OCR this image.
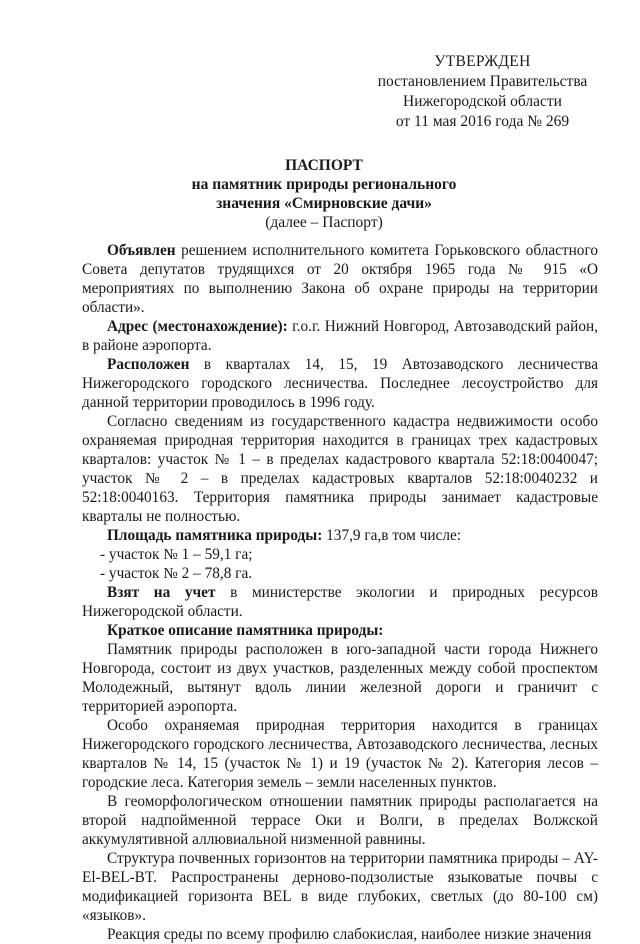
УТВЕРЖДЕН
постановлением Правительства
Нижегородской области
от 11 мая 2016 года № 269
ПАСПОРТ
на памятник природы регионального
значения «Смирновские дачи»
(далее – Паспорт)

Объявлен решением исполнительного комитета Горьковского областного Совета депутатов трудящихся от 20 октября 1965 года № 915 «О мероприятиях по выполнению Закона об охране природы на территории области».

Адрес (местонахождение): г.о.г. Нижний Новгород, Автозаводский район, в районе аэропорта.

Расположен в кварталах 14, 15, 19 Автозаводского лесничества Нижегородского городского лесничества. Последнее лесоустройство для данной территории проводилось в 1996 году.

Согласно сведениям из государственного кадастра недвижимости особо охраняемая природная территория находится в границах трех кадастровых кварталов: участок № 1 – в пределах кадастрового квартала 52:18:0040047; участок № 2 – в пределах кадастровых кварталов 52:18:0040232 и 52:18:0040163. Территория памятника природы занимает кадастровые кварталы не полностью.

Площадь памятника природы: 137,9 га,в том числе:

- участок № 1 – 59,1 га;

- участок № 2 – 78,8 га.

Взят на учет в министерстве экологии и природных ресурсов Нижегородской области.

Краткое описание памятника природы:

Памятник природы расположен в юго-западной части города Нижнего Новгорода, состоит из двух участков, разделенных между собой проспектом Молодежный, вытянут вдоль линии железной дороги и граничит с территорией аэропорта.

Особо охраняемая природная территория находится в границах Нижегородского городского лесничества, Автозаводского лесничества, лесных кварталов № 14, 15 (участок № 1) и 19 (участок № 2). Категория лесов – городские леса. Категория земель – земли населенных пунктов.

В геоморфологическом отношении памятник природы располагается на второй надпойменной террасе Оки и Волги, в пределах Волжской аккумулятивной аллювиальной низменной равнины.

Структура почвенных горизонтов на территории памятника природы – AY-El-BEL-BT. Распространены дерново-подзолистые языковатые почвы с модификацией горизонта BEL в виде глубоких, светлых (до 80-100 см) «языков».

Реакция среды по всему профилю слабокислая, наиболее низкие значения
